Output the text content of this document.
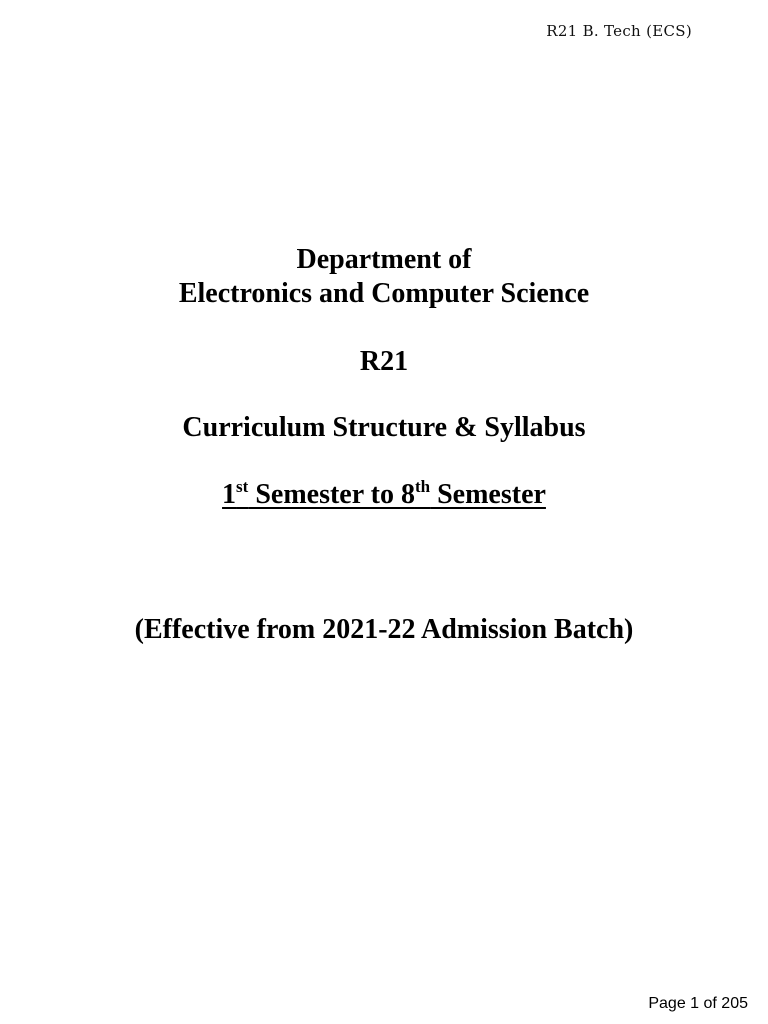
R21 B. Tech (ECS)
Department of
Electronics and Computer Science
R21
Curriculum Structure & Syllabus
1st Semester to 8th Semester
(Effective from 2021-22 Admission Batch)
Page 1 of 205
